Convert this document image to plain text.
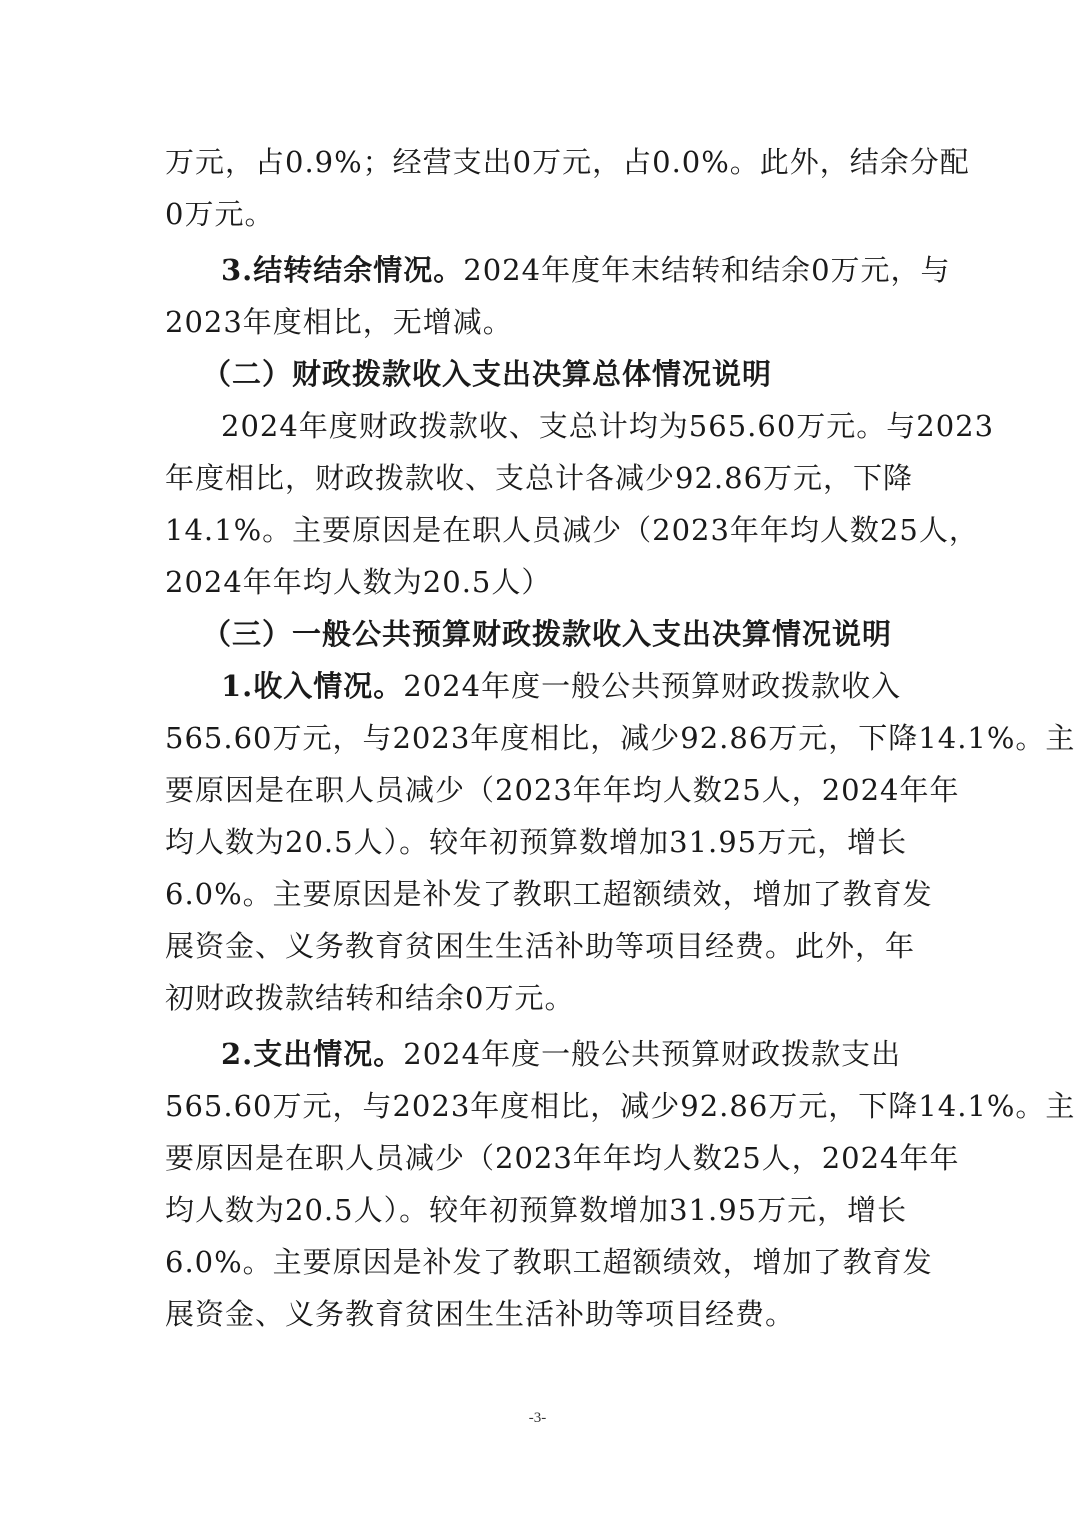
万元，占0.9%；经营支出0万元，占0.0%。此外，结余分配
0万元。
3.结转结余情况。2024年度年末结转和结余0万元，与
2023年度相比，无增减。
（二）财政拨款收入支出决算总体情况说明
2024年度财政拨款收、支总计均为565.60万元。与2023
年度相比，财政拨款收、支总计各减少92.86万元，下降
14.1%。主要原因是在职人员减少（2023年年均人数25人，
2024年年均人数为20.5人）
（三）一般公共预算财政拨款收入支出决算情况说明
1.收入情况。2024年度一般公共预算财政拨款收入
565.60万元，与2023年度相比，减少92.86万元，下降14.1%。主
要原因是在职人员减少（2023年年均人数25人，2024年年
均人数为20.5人）。较年初预算数增加31.95万元，增长
6.0%。主要原因是补发了教职工超额绩效，增加了教育发
展资金、义务教育贫困生生活补助等项目经费。此外，年
初财政拨款结转和结余0万元。
2.支出情况。2024年度一般公共预算财政拨款支出
565.60万元，与2023年度相比，减少92.86万元，下降14.1%。主
要原因是在职人员减少（2023年年均人数25人，2024年年
均人数为20.5人）。较年初预算数增加31.95万元，增长
6.0%。主要原因是补发了教职工超额绩效，增加了教育发
展资金、义务教育贫困生生活补助等项目经费。
-3-
